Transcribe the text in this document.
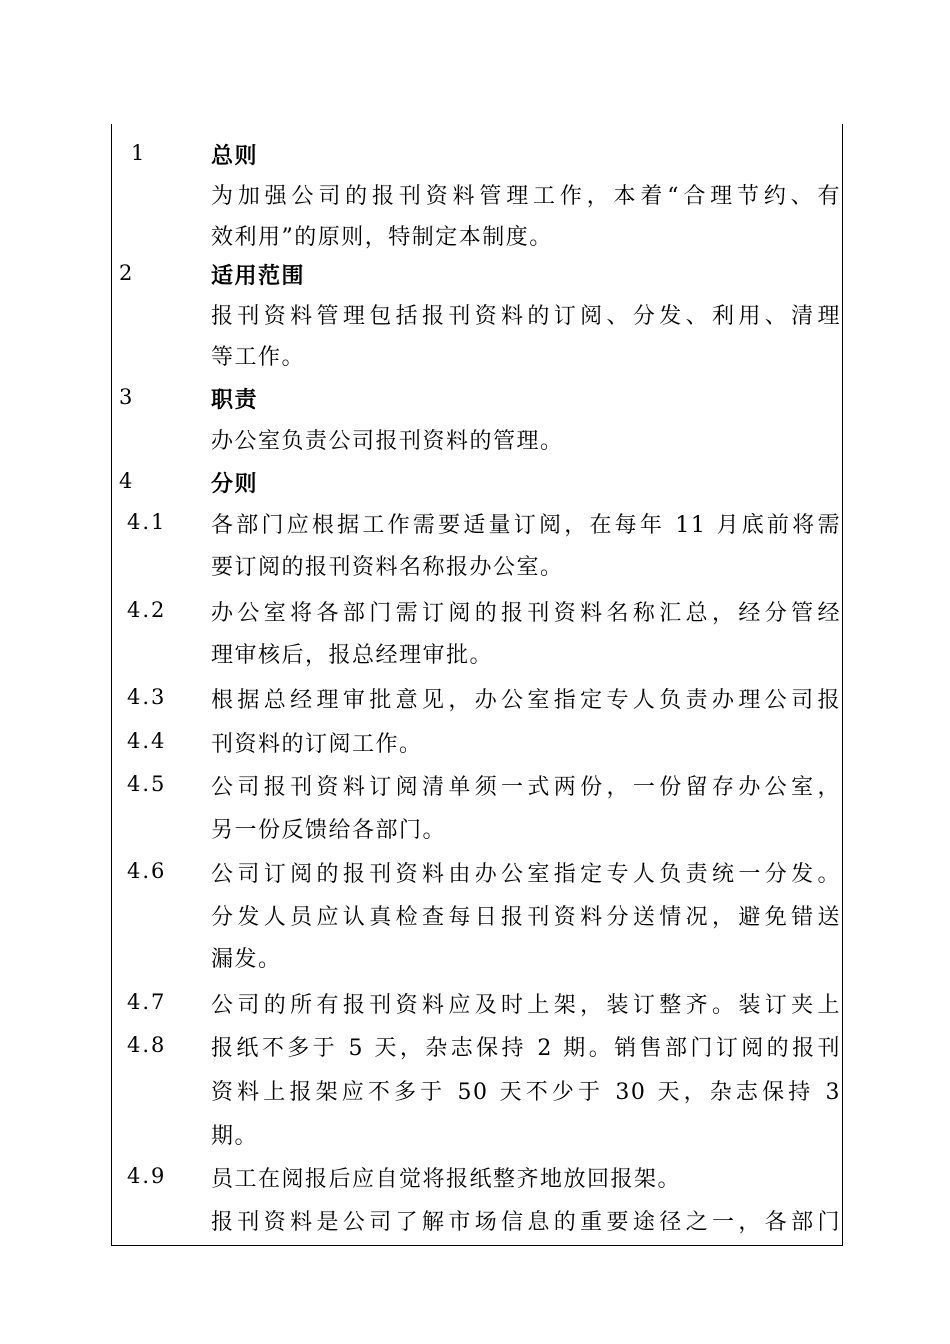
1	总则
为加强公司的报刊资料管理工作，本着“合理节约、有
效利用”的原则，特制定本制度。
2	适用范围
报刊资料管理包括报刊资料的订阅、分发、利用、清理
等工作。
3	职责
办公室负责公司报刊资料的管理。
4	分则
4.1 各部门应根据工作需要适量订阅，在每年 11 月底前将需
要订阅的报刊资料名称报办公室。
4.2 办公室将各部门需订阅的报刊资料名称汇总，经分管经
理审核后，报总经理审批。
4.3 根据总经理审批意见，办公室指定专人负责办理公司报
4.4 刊资料的订阅工作。
4.5 公司报刊资料订阅清单须一式两份，一份留存办公室，
另一份反馈给各部门。
4.6 公司订阅的报刊资料由办公室指定专人负责统一分发。
分发人员应认真检查每日报刊资料分送情况，避免错送
漏发。
4.7 公司的所有报刊资料应及时上架，装订整齐。装订夹上
4.8 报纸不多于 5 天，杂志保持 2 期。销售部门订阅的报刊
资料上报架应不多于 50 天不少于 30 天，杂志保持 3
期。
4.9 员工在阅报后应自觉将报纸整齐地放回报架。
报刊资料是公司了解市场信息的重要途径之一，各部门
